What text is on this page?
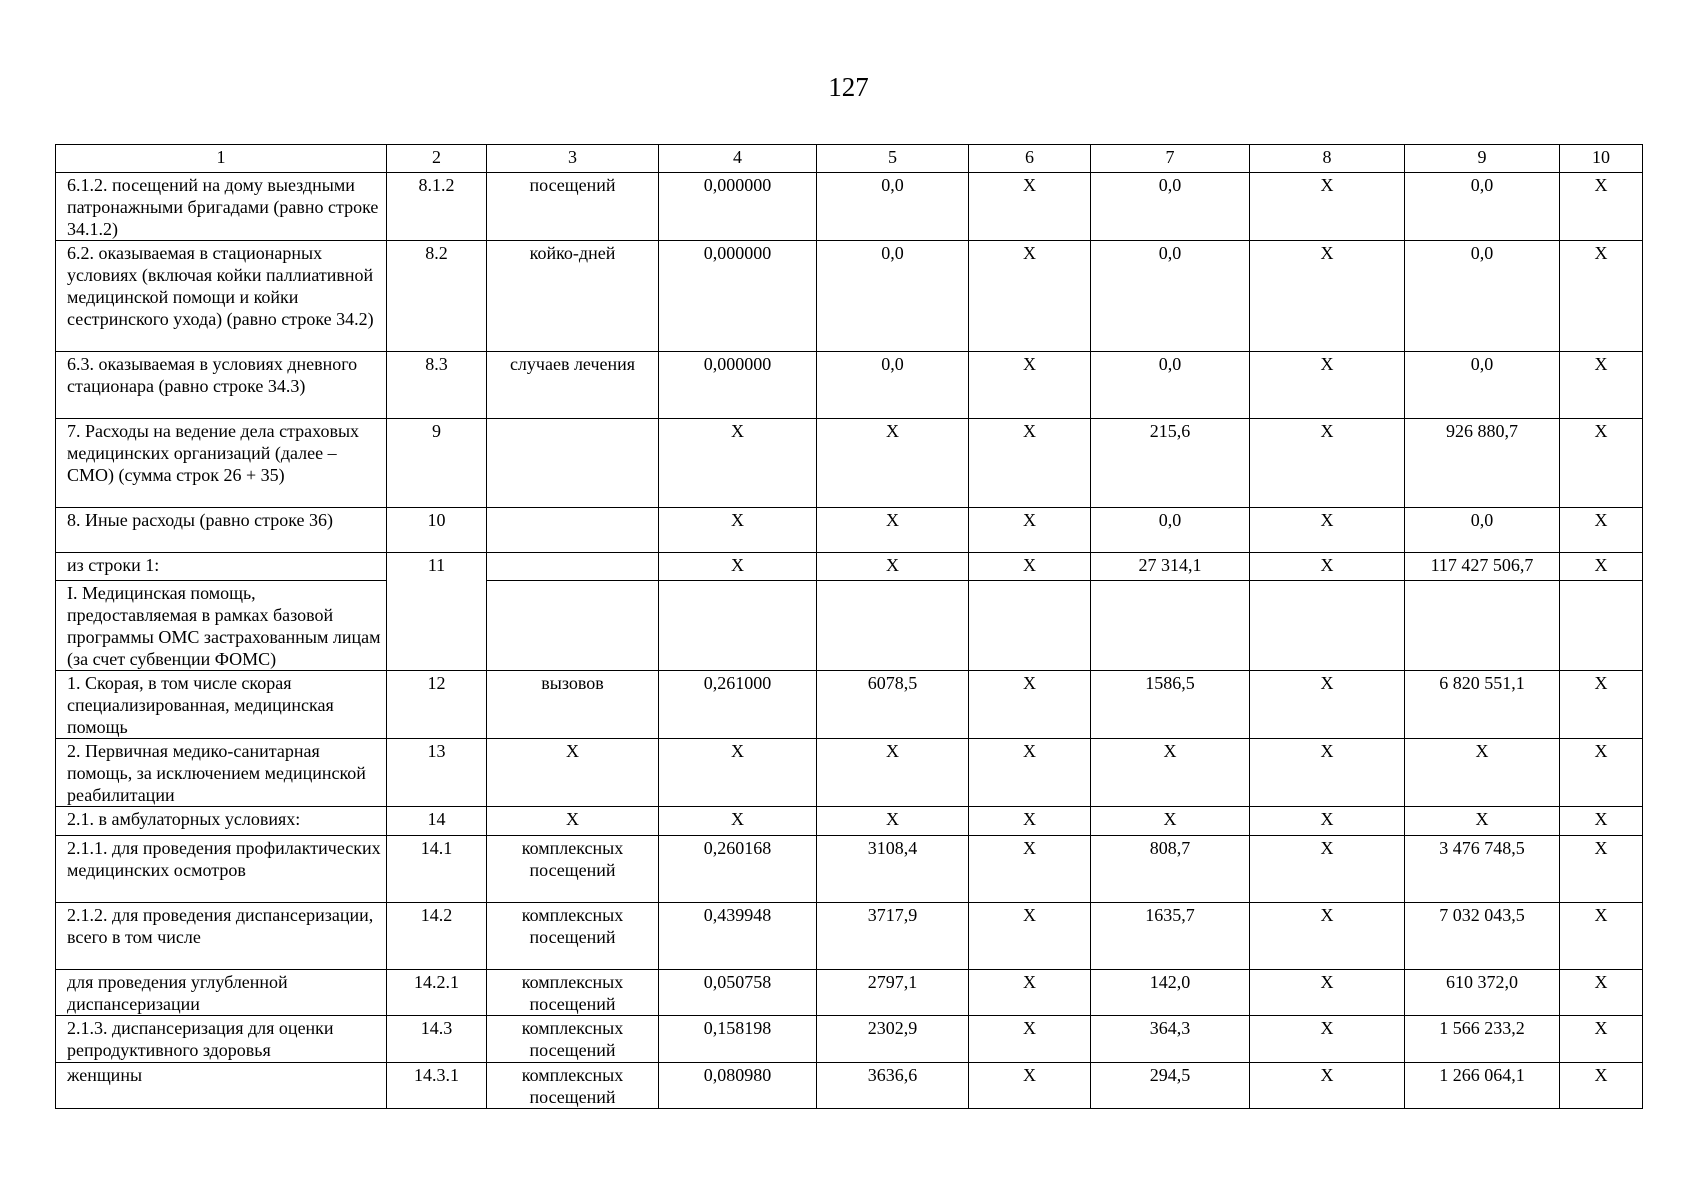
127
1	2	3	4	5	6	7	8	9	10
6.1.2. посещений на дому выездными патронажными бригадами (равно строке 34.1.2)	8.1.2	посещений	0,000000	0,0	X	0,0	X	0,0	X
6.2. оказываемая в стационарных условиях (включая койки паллиативной медицинской помощи и койки сестринского ухода) (равно строке 34.2)	8.2	койко-дней	0,000000	0,0	X	0,0	X	0,0	X
6.3. оказываемая в условиях дневного стационара (равно строке 34.3)	8.3	случаев лечения	0,000000	0,0	X	0,0	X	0,0	X
7. Расходы на ведение дела страховых медицинских организаций (далее – СМО) (сумма строк 26 + 35)	9		X	X	X	215,6	X	926 880,7	X
8. Иные расходы (равно строке 36)	10		X	X	X	0,0	X	0,0	X
из строки 1:	11		X	X	X	27 314,1	X	117 427 506,7	X
I. Медицинская помощь, предоставляемая в рамках базовой программы ОМС застрахованным лицам (за счет субвенции ФОМС)									
1. Скорая, в том числе скорая специализированная, медицинская помощь	12	вызовов	0,261000	6078,5	X	1586,5	X	6 820 551,1	X
2. Первичная медико-санитарная помощь, за исключением медицинской реабилитации	13	X	X	X	X	X	X	X	X
2.1. в амбулаторных условиях:	14	X	X	X	X	X	X	X	X
2.1.1. для проведения профилактических медицинских осмотров	14.1	комплексных посещений	0,260168	3108,4	X	808,7	X	3 476 748,5	X
2.1.2. для проведения диспансеризации, всего в том числе	14.2	комплексных посещений	0,439948	3717,9	X	1635,7	X	7 032 043,5	X
для проведения углубленной диспансеризации	14.2.1	комплексных посещений	0,050758	2797,1	X	142,0	X	610 372,0	X
2.1.3. диспансеризация для оценки репродуктивного здоровья	14.3	комплексных посещений	0,158198	2302,9	X	364,3	X	1 566 233,2	X
женщины	14.3.1	комплексных посещений	0,080980	3636,6	X	294,5	X	1 266 064,1	X
